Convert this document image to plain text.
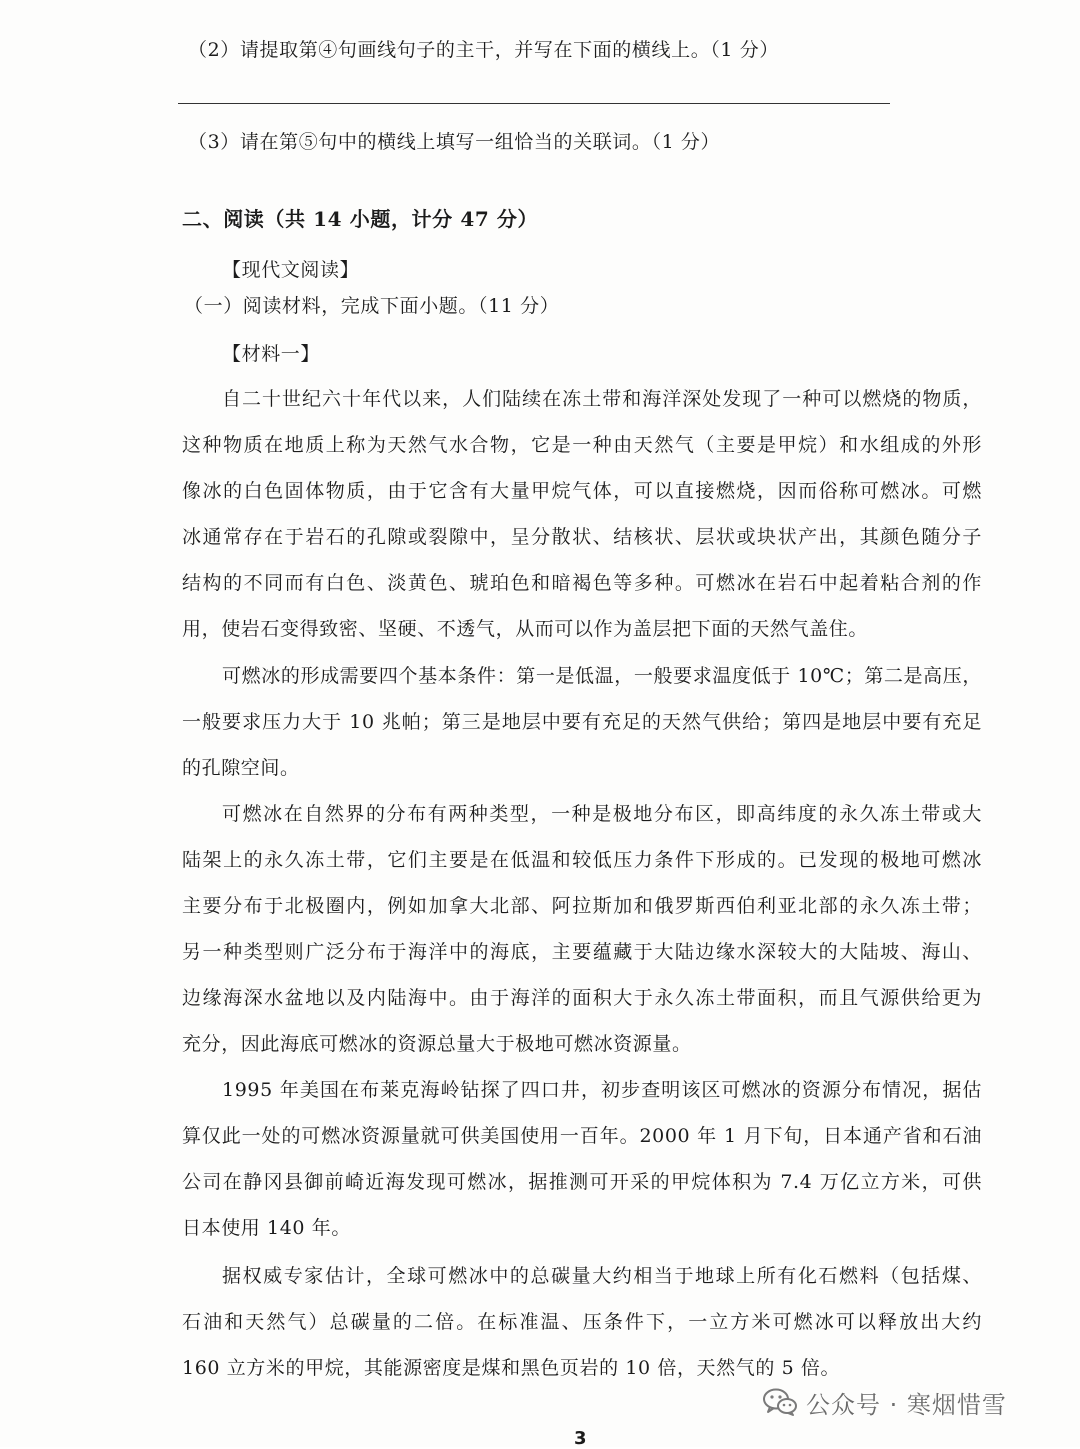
（2）请提取第④句画线句子的主干，并写在下面的横线上。（1 分）
（3）请在第⑤句中的横线上填写一组恰当的关联词。（1 分）
二、阅读（共 14 小题，计分 47 分）
【现代文阅读】
（一）阅读材料，完成下面小题。（11 分）
【材料一】
自二十世纪六十年代以来，人们陆续在冻土带和海洋深处发现了一种可以燃烧的物质，
这种物质在地质上称为天然气水合物，它是一种由天然气（主要是甲烷）和水组成的外形
像冰的白色固体物质，由于它含有大量甲烷气体，可以直接燃烧，因而俗称可燃冰。可燃
冰通常存在于岩石的孔隙或裂隙中，呈分散状、结核状、层状或块状产出，其颜色随分子
结构的不同而有白色、淡黄色、琥珀色和暗褐色等多种。可燃冰在岩石中起着粘合剂的作
用，使岩石变得致密、坚硬、不透气，从而可以作为盖层把下面的天然气盖住。
可燃冰的形成需要四个基本条件：第一是低温，一般要求温度低于 10℃；第二是高压，
一般要求压力大于 10 兆帕；第三是地层中要有充足的天然气供给；第四是地层中要有充足
的孔隙空间。
可燃冰在自然界的分布有两种类型，一种是极地分布区，即高纬度的永久冻土带或大
陆架上的永久冻土带，它们主要是在低温和较低压力条件下形成的。已发现的极地可燃冰
主要分布于北极圈内，例如加拿大北部、阿拉斯加和俄罗斯西伯利亚北部的永久冻土带；
另一种类型则广泛分布于海洋中的海底，主要蕴藏于大陆边缘水深较大的大陆坡、海山、
边缘海深水盆地以及内陆海中。由于海洋的面积大于永久冻土带面积，而且气源供给更为
充分，因此海底可燃冰的资源总量大于极地可燃冰资源量。
1995 年美国在布莱克海岭钻探了四口井，初步查明该区可燃冰的资源分布情况，据估
算仅此一处的可燃冰资源量就可供美国使用一百年。2000 年 1 月下旬，日本通产省和石油
公司在静冈县御前崎近海发现可燃冰，据推测可开采的甲烷体积为 7.4 万亿立方米，可供
日本使用 140 年。
据权威专家估计，全球可燃冰中的总碳量大约相当于地球上所有化石燃料（包括煤、
石油和天然气）总碳量的二倍。在标准温、压条件下，一立方米可燃冰可以释放出大约
160 立方米的甲烷，其能源密度是煤和黑色页岩的 10 倍，天然气的 5 倍。
公众号 · 寒烟惜雪
3
